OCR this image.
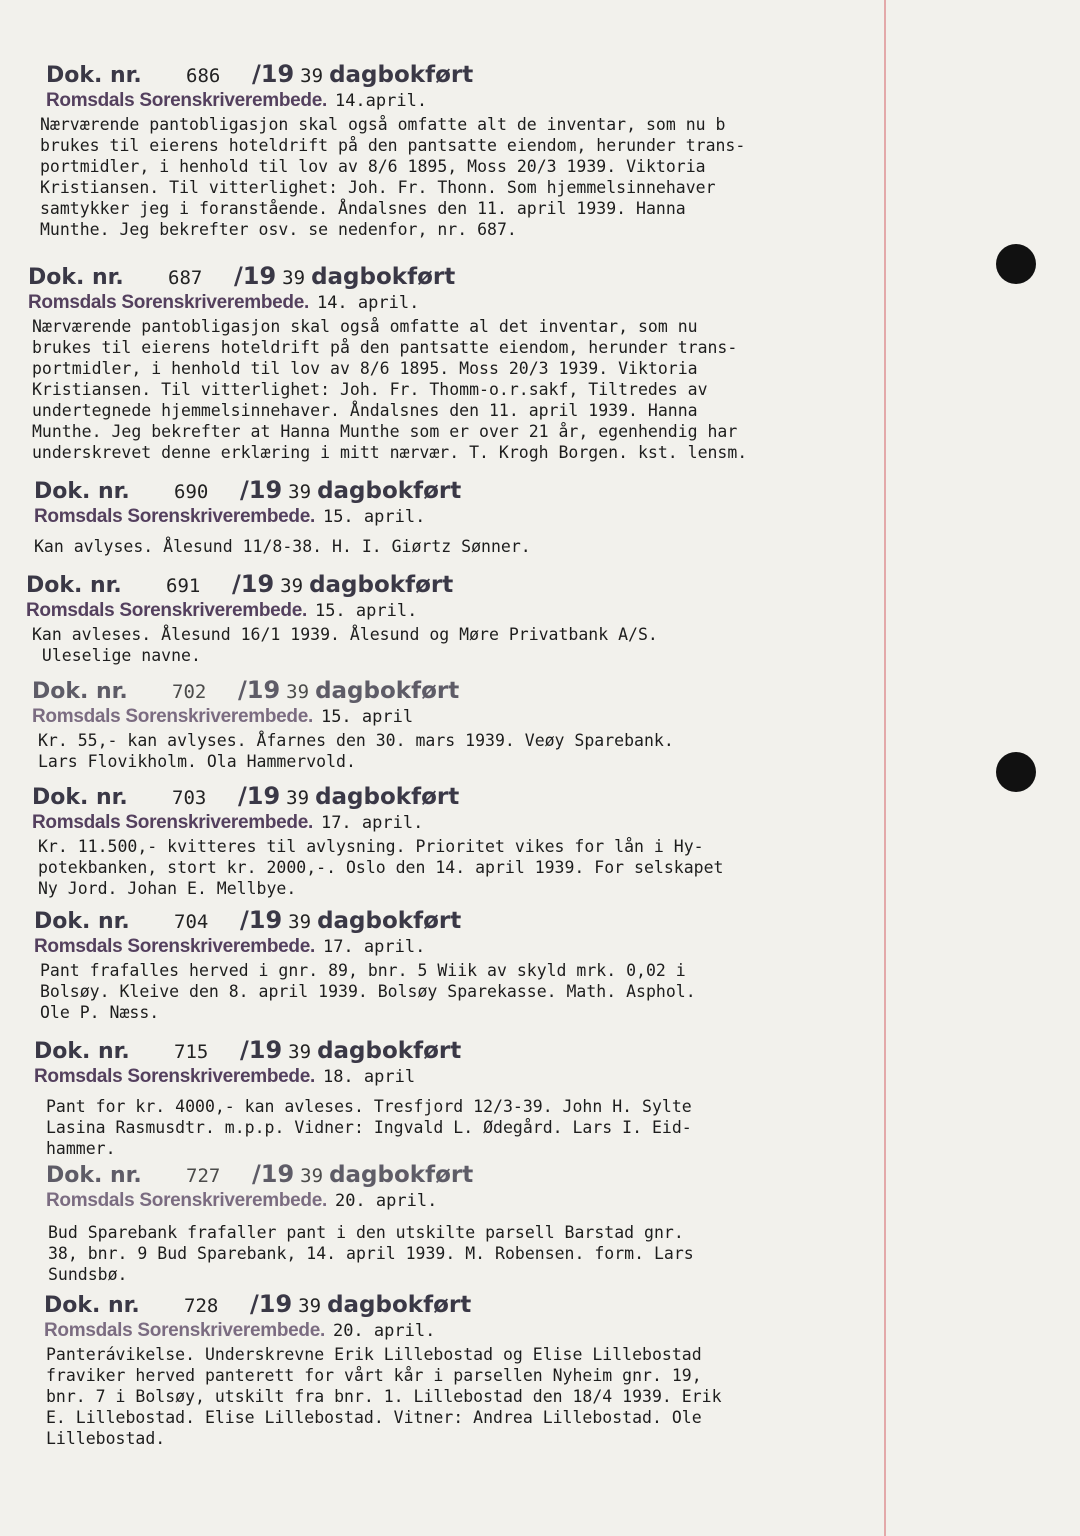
Dok. nr.	686	/19 39 dagbokført
Romsdals Sorenskriverembede. 14.april.
Nærværende pantobligasjon skal også omfatte alt de inventar, som nu b
brukes til eierens hoteldrift på den pantsatte eiendom, herunder trans-
portmidler, i henhold til lov av 8/6 1895, Moss 20/3 1939. Viktoria
Kristiansen. Til vitterlighet: Joh. Fr. Thonn. Som hjemmelsinnehaver
samtykker jeg i foranstående. Åndalsnes den 11. april 1939. Hanna
Munthe. Jeg bekrefter osv. se nedenfor, nr. 687.
Dok. nr.	687	/19 39 dagbokført
Romsdals Sorenskriverembede. 14. april.
Nærværende pantobligasjon skal også omfatte al det inventar, som nu
brukes til eierens hoteldrift på den pantsatte eiendom, herunder trans-
portmidler, i henhold til lov av 8/6 1895. Moss 20/3 1939. Viktoria
Kristiansen. Til vitterlighet: Joh. Fr. Thomm-o.r.sakf, Tiltredes av
undertegnede hjemmelsinnehaver. Åndalsnes den 11. april 1939. Hanna
Munthe. Jeg bekrefter at Hanna Munthe som er over 21 år, egenhendig har
underskrevet denne erklæring i mitt nærvær. T. Krogh Borgen. kst. lensm.
Dok. nr.	690	/19 39 dagbokført
Romsdals Sorenskriverembede. 15. april.
Kan avlyses. Ålesund 11/8-38. H. I. Giørtz Sønner.
Dok. nr.	691	/19 39 dagbokført
Romsdals Sorenskriverembede. 15. april.
Kan avleses. Ålesund 16/1 1939. Ålesund og Møre Privatbank A/S.
Uleselige navne.
Dok. nr.	702	/19 39 dagbokført
Romsdals Sorenskriverembede. 15. april
Kr. 55,- kan avlyses. Åfarnes den 30. mars 1939. Veøy Sparebank.
Lars Flovikholm. Ola Hammervold.
Dok. nr.	703	/19 39 dagbokført
Romsdals Sorenskriverembede. 17. april.
Kr. 11.500,- kvitteres til avlysning. Prioritet vikes for lån i Hy-
potekbanken, stort kr. 2000,-. Oslo den 14. april 1939. For selskapet
Ny Jord. Johan E. Mellbye.
Dok. nr.	704	/19 39 dagbokført
Romsdals Sorenskriverembede. 17. april.
Pant frafalles herved i gnr. 89, bnr. 5 Wiik av skyld mrk. 0,02 i
Bolsøy. Kleive den 8. april 1939. Bolsøy Sparekasse. Math. Asphol.
Ole P. Næss.
Dok. nr.	715	/19 39 dagbokført
Romsdals Sorenskriverembede. 18. april
Pant for kr. 4000,- kan avleses. Tresfjord 12/3-39. John H. Sylte
Lasina Rasmusdtr. m.p.p. Vidner: Ingvald L. Ødegård. Lars I. Eid-
hammer.
Dok. nr.	727	/19 39 dagbokført
Romsdals Sorenskriverembede. 20. april.
Bud Sparebank frafaller pant i den utskilte parsell Barstad gnr.
38, bnr. 9 Bud Sparebank, 14. april 1939. M. Robensen. form. Lars
Sundsbø.
Dok. nr.	728	/19 39 dagbokført
Romsdals Sorenskriverembede. 20. april.
Panterávikelse. Underskrevne Erik Lillebostad og Elise Lillebostad
fraviker herved panterett for vårt kår i parsellen Nyheim gnr. 19,
bnr. 7 i Bolsøy, utskilt fra bnr. 1. Lillebostad den 18/4 1939. Erik
E. Lillebostad. Elise Lillebostad. Vitner: Andrea Lillebostad. Ole
Lillebostad.
